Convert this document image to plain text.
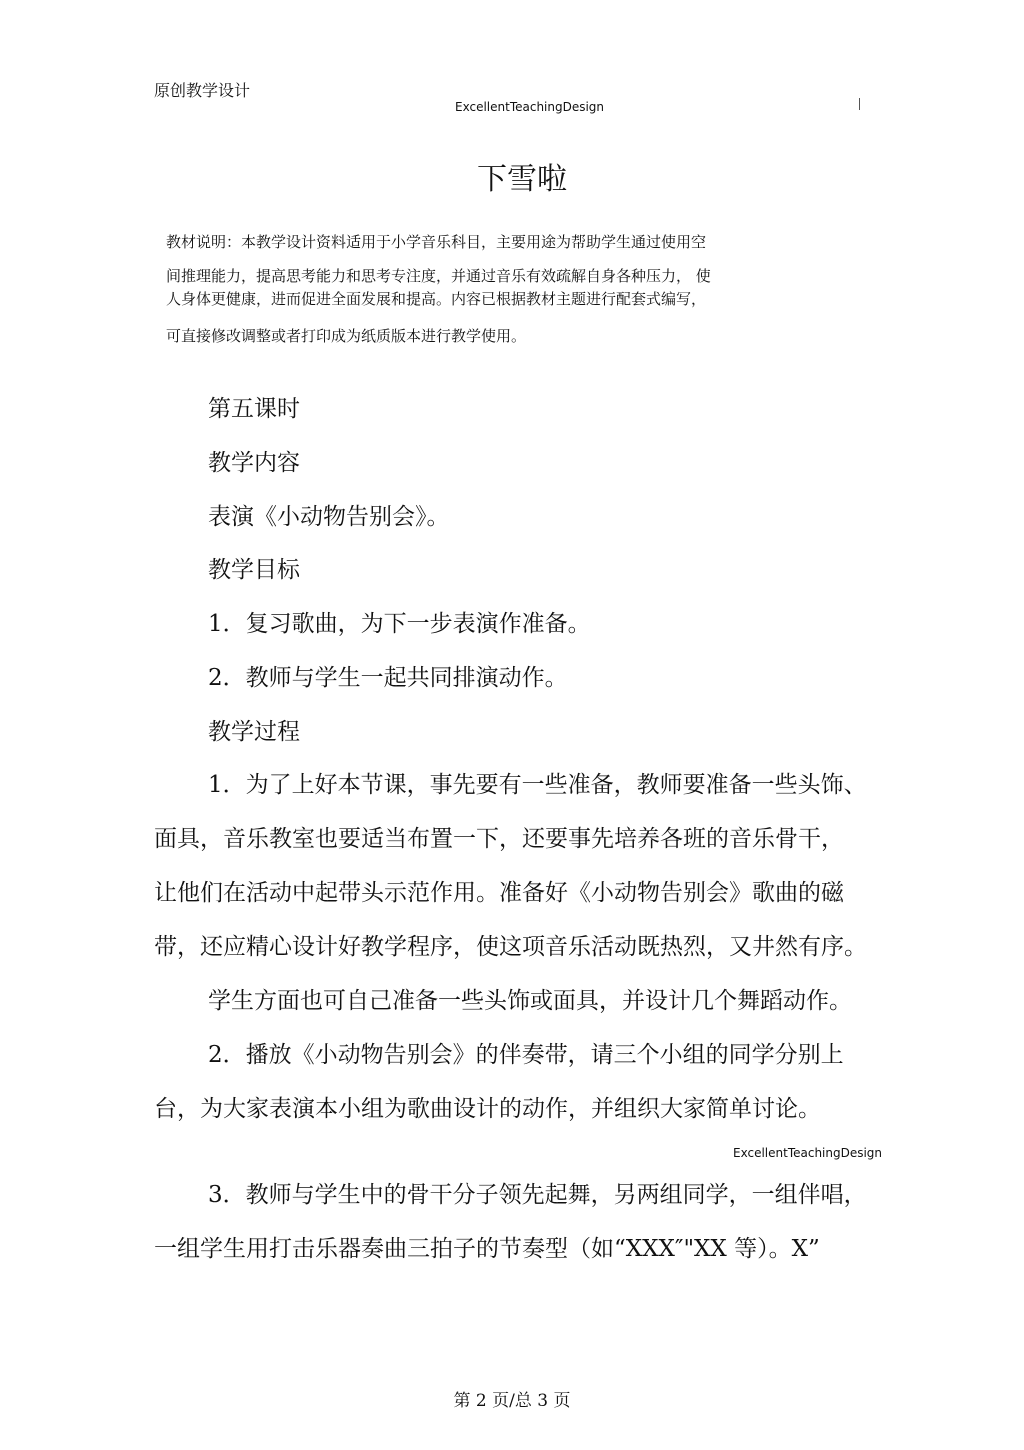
原创教学设计
ExcellentTeachingDesign
下雪啦
教材说明：本教学设计资料适用于小学音乐科目，主要用途为帮助学生通过使用空
间推理能力，提高思考能力和思考专注度，并通过音乐有效疏解自身各种压力， 使
人身体更健康，进而促进全面发展和提高。内容已根据教材主题进行配套式编写，
可直接修改调整或者打印成为纸质版本进行教学使用。
第五课时
教学内容
表演《小动物告别会》。
教学目标
1．复习歌曲，为下一步表演作准备。
2．教师与学生一起共同排演动作。
教学过程
1．为了上好本节课，事先要有一些准备，教师要准备一些头饰、
面具，音乐教室也要适当布置一下，还要事先培养各班的音乐骨干，
让他们在活动中起带头示范作用。准备好《小动物告别会》歌曲的磁
带，还应精心设计好教学程序，使这项音乐活动既热烈，又井然有序。
学生方面也可自己准备一些头饰或面具，并设计几个舞蹈动作。
2．播放《小动物告别会》的伴奏带，请三个小组的同学分别上
台，为大家表演本小组为歌曲设计的动作，并组织大家简单讨论。
ExcellentTeachingDesign
3．教师与学生中的骨干分子领先起舞，另两组同学，一组伴唱，
一组学生用打击乐器奏曲三拍子的节奏型（如“XXX″"XX 等）。X”
第 2 页/总 3 页
